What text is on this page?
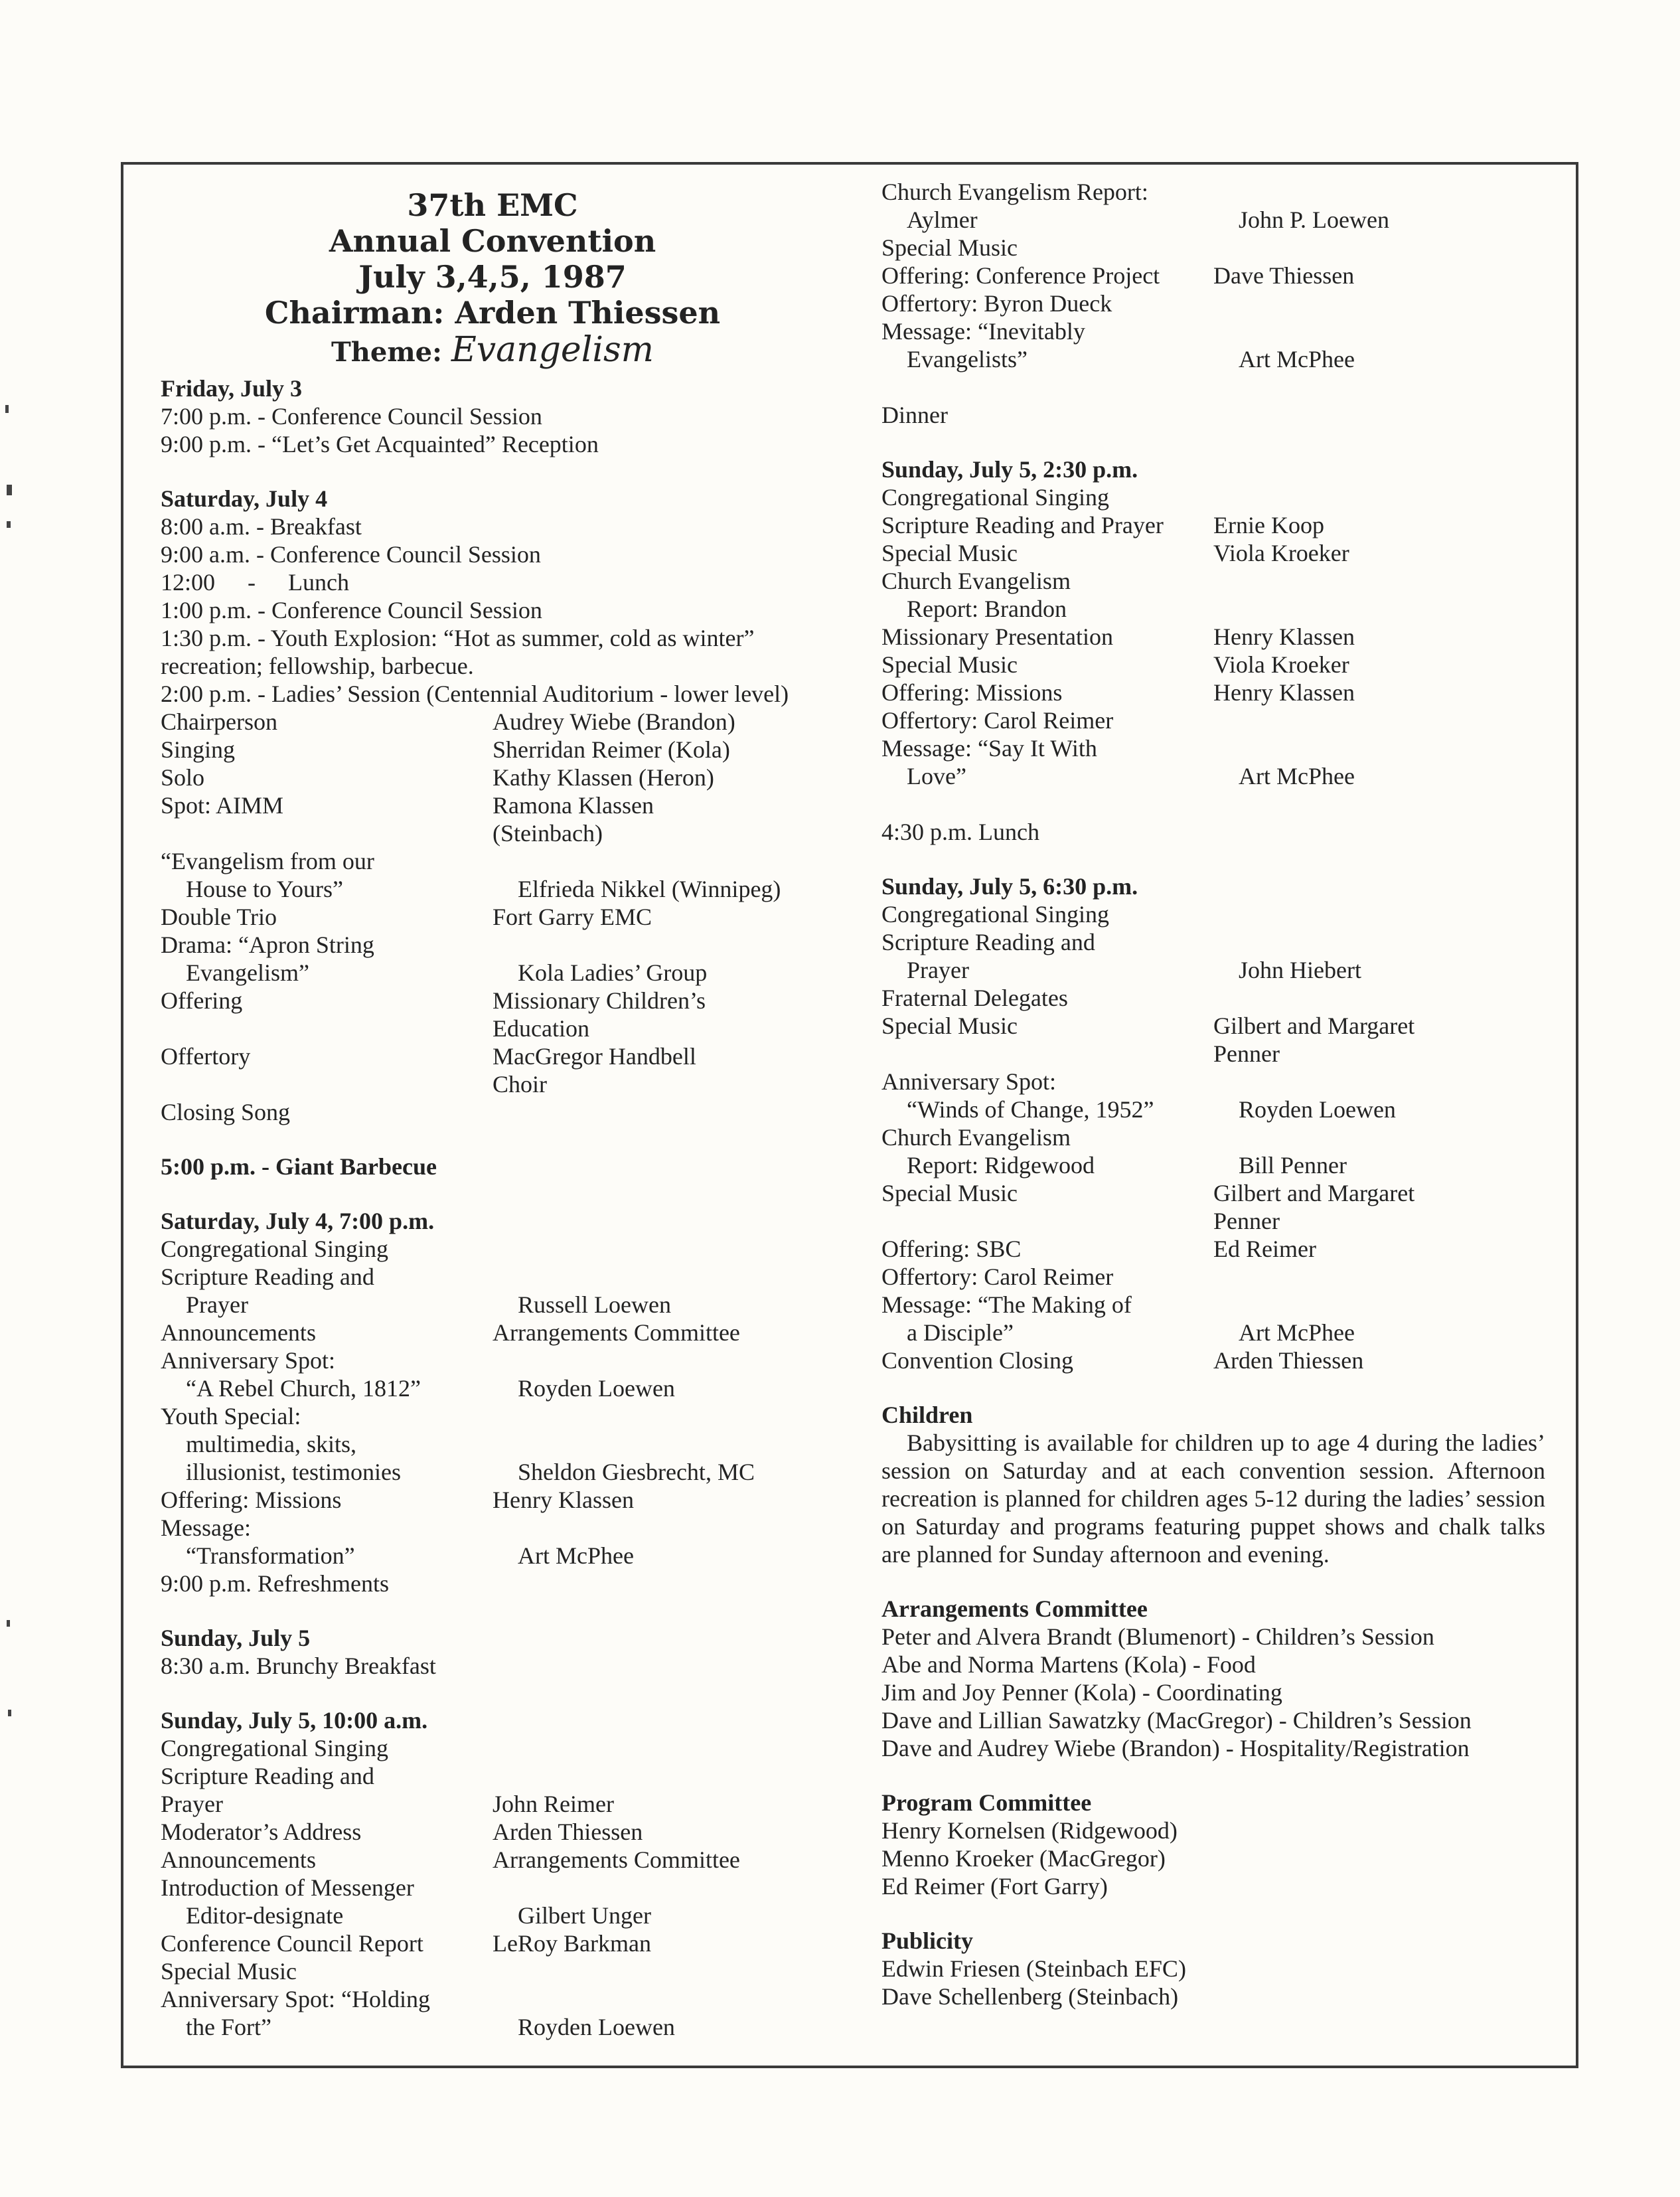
37th EMC
Annual Convention
July 3,4,5, 1987
Chairman: Arden Thiessen
Theme: Evangelism
Friday, July 3
7:00 p.m. - Conference Council Session
9:00 p.m. - “Let’s Get Acquainted” Reception
Saturday, July 4
8:00 a.m. - Breakfast
9:00 a.m. - Conference Council Session
12:00 - Lunch
1:00 p.m. - Conference Council Session
1:30 p.m. - Youth Explosion: “Hot as summer, cold as winter”
recreation; fellowship, barbecue.
2:00 p.m. - Ladies’ Session (Centennial Auditorium - lower level)
Chairperson	Audrey Wiebe (Brandon)
Singing	Sherridan Reimer (Kola)
Solo	Kathy Klassen (Heron)
Spot: AIMM	Ramona Klassen
(Steinbach)
“Evangelism from our
House to Yours”	Elfrieda Nikkel (Winnipeg)
Double Trio	Fort Garry EMC
Drama: “Apron String
Evangelism”	Kola Ladies’ Group
Offering	Missionary Children’s
Education
Offertory	MacGregor Handbell
Choir
Closing Song
5:00 p.m. - Giant Barbecue
Saturday, July 4, 7:00 p.m.
Congregational Singing
Scripture Reading and
Prayer	Russell Loewen
Announcements	Arrangements Committee
Anniversary Spot:
“A Rebel Church, 1812”	Royden Loewen
Youth Special:
multimedia, skits,
illusionist, testimonies	Sheldon Giesbrecht, MC
Offering: Missions	Henry Klassen
Message:
“Transformation”	Art McPhee
9:00 p.m. Refreshments
Sunday, July 5
8:30 a.m. Brunchy Breakfast
Sunday, July 5, 10:00 a.m.
Congregational Singing
Scripture Reading and
Prayer	John Reimer
Moderator’s Address	Arden Thiessen
Announcements	Arrangements Committee
Introduction of Messenger
Editor-designate	Gilbert Unger
Conference Council Report	LeRoy Barkman
Special Music
Anniversary Spot: “Holding
the Fort”	Royden Loewen
Church Evangelism Report:
Aylmer	John P. Loewen
Special Music
Offering: Conference Project	Dave Thiessen
Offertory: Byron Dueck
Message: “Inevitably
Evangelists”	Art McPhee
Dinner
Sunday, July 5, 2:30 p.m.
Congregational Singing
Scripture Reading and Prayer	Ernie Koop
Special Music	Viola Kroeker
Church Evangelism
Report: Brandon
Missionary Presentation	Henry Klassen
Special Music	Viola Kroeker
Offering: Missions	Henry Klassen
Offertory: Carol Reimer
Message: “Say It With
Love”	Art McPhee
4:30 p.m. Lunch
Sunday, July 5, 6:30 p.m.
Congregational Singing
Scripture Reading and
Prayer	John Hiebert
Fraternal Delegates
Special Music	Gilbert and Margaret
Penner
Anniversary Spot:
“Winds of Change, 1952”	Royden Loewen
Church Evangelism
Report: Ridgewood	Bill Penner
Special Music	Gilbert and Margaret
Penner
Offering: SBC	Ed Reimer
Offertory: Carol Reimer
Message: “The Making of
a Disciple”	Art McPhee
Convention Closing	Arden Thiessen
Children
Babysitting is available for children up to age 4 during the ladies’ session on Saturday and at each convention session. Afternoon recreation is planned for children ages 5-12 during the ladies’ session on Saturday and programs featuring puppet shows and chalk talks are planned for Sunday afternoon and evening.
Arrangements Committee
Peter and Alvera Brandt (Blumenort) - Children’s Session
Abe and Norma Martens (Kola) - Food
Jim and Joy Penner (Kola) - Coordinating
Dave and Lillian Sawatzky (MacGregor) - Children’s Session
Dave and Audrey Wiebe (Brandon) - Hospitality/Registration
Program Committee
Henry Kornelsen (Ridgewood)
Menno Kroeker (MacGregor)
Ed Reimer (Fort Garry)
Publicity
Edwin Friesen (Steinbach EFC)
Dave Schellenberg (Steinbach)
